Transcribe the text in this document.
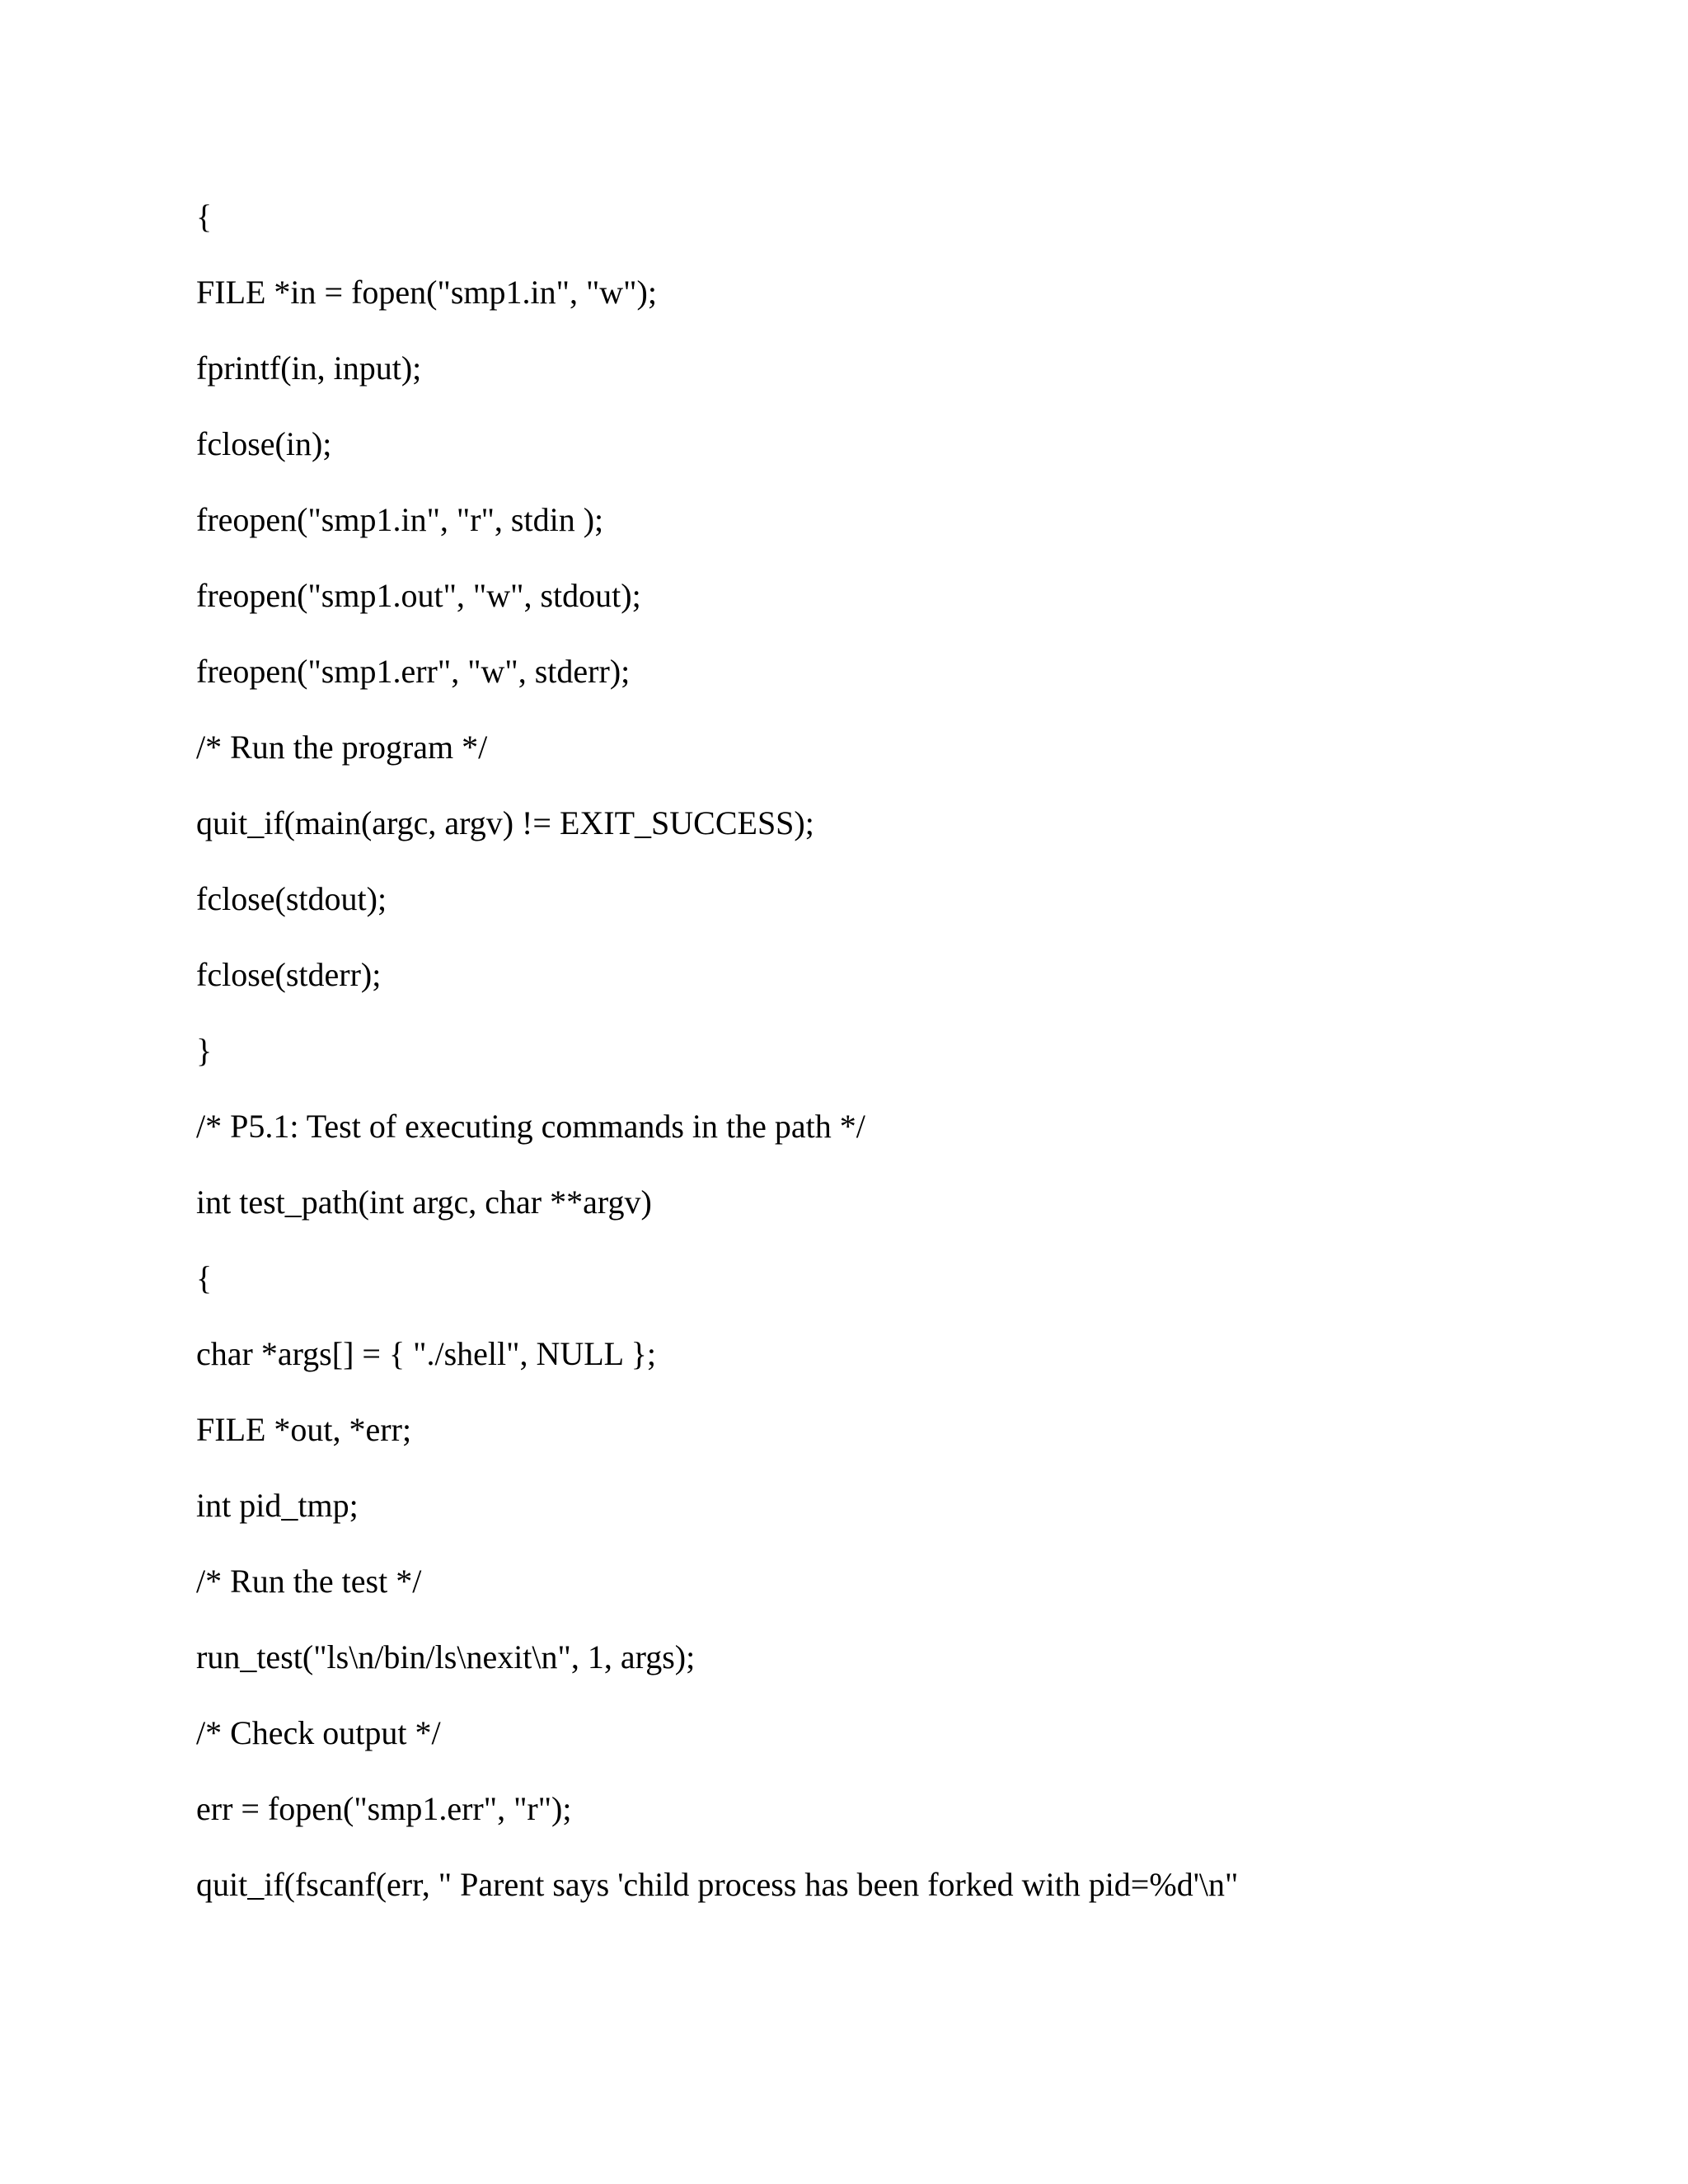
{
FILE *in = fopen("smp1.in", "w");
fprintf(in, input);
fclose(in);
freopen("smp1.in", "r", stdin );
freopen("smp1.out", "w", stdout);
freopen("smp1.err", "w", stderr);
/* Run the program */
quit_if(main(argc, argv) != EXIT_SUCCESS);
fclose(stdout);
fclose(stderr);
}
/* P5.1: Test of executing commands in the path */
int test_path(int argc, char **argv)
{
char *args[] = { "./shell", NULL };
FILE *out, *err;
int pid_tmp;
/* Run the test */
run_test("ls\n/bin/ls\nexit\n", 1, args);
/* Check output */
err = fopen("smp1.err", "r");
quit_if(fscanf(err, " Parent says 'child process has been forked with pid=%d'\n"
